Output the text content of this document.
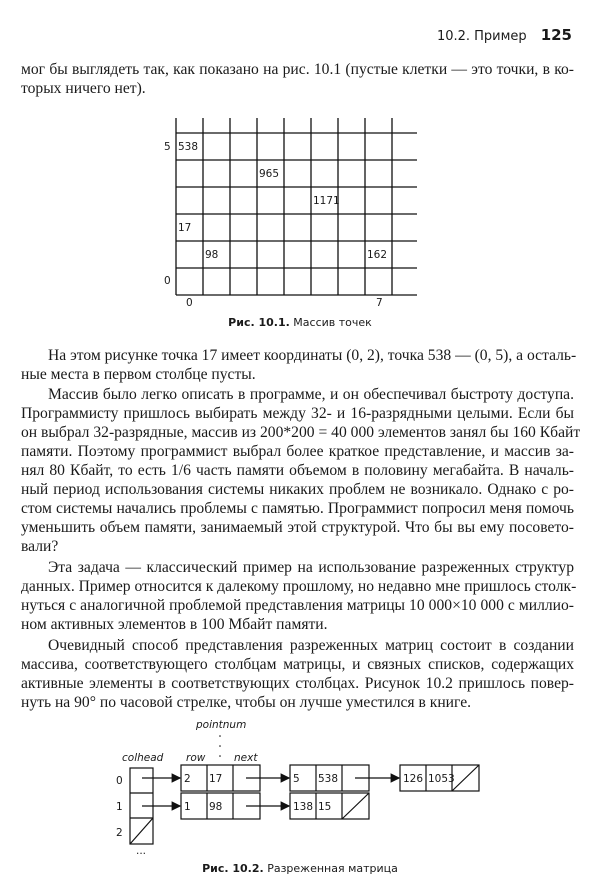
10.2. Пример 125
мог бы выглядеть так, как показано на рис. 10.1 (пустые клетки — это точки, в ко-
торых ничего нет).
538
965
1171
17
98	162
5
0
0	7
Рис. 10.1. Массив точек
На этом рисунке точка 17 имеет координаты (0, 2), точка 538 — (0, 5), а осталь-
ные места в первом столбце пусты.
Массив было легко описать в программе, и он обеспечивал быстроту доступа.
Программисту пришлось выбирать между 32- и 16-разрядными целыми. Если бы
он выбрал 32-разрядные, массив из 200*200 = 40 000 элементов занял бы 160 Кбайт
памяти. Поэтому программист выбрал более краткое представление, и массив за-
нял 80 Кбайт, то есть 1/6 часть памяти объемом в половину мегабайта. В началь-
ный период использования системы никаких проблем не возникало. Однако с ро-
стом системы начались проблемы с памятью. Программист попросил меня помочь
уменьшить объем памяти, занимаемый этой структурой. Что бы вы ему посовето-
вали?
Эта задача — классический пример на использование разреженных структур
данных. Пример относится к далекому прошлому, но недавно мне пришлось столк-
нуться с аналогичной проблемой представления матрицы 10 000×10 000 с миллио-
ном активных элементов в 100 Мбайт памяти.
Очевидный способ представления разреженных матриц состоит в создании
массива, соответствующего столбцам матрицы, и связных списков, содержащих
активные элементы в соответствующих столбцах. Рисунок 10.2 пришлось повер-
нуть на 90° по часовой стрелке, чтобы он лучше уместился в книге.
pointnum
colhead row	next
0
1
2
...
2 17	5 538	126 1053
1 98	138 15
Рис. 10.2. Разреженная матрица
